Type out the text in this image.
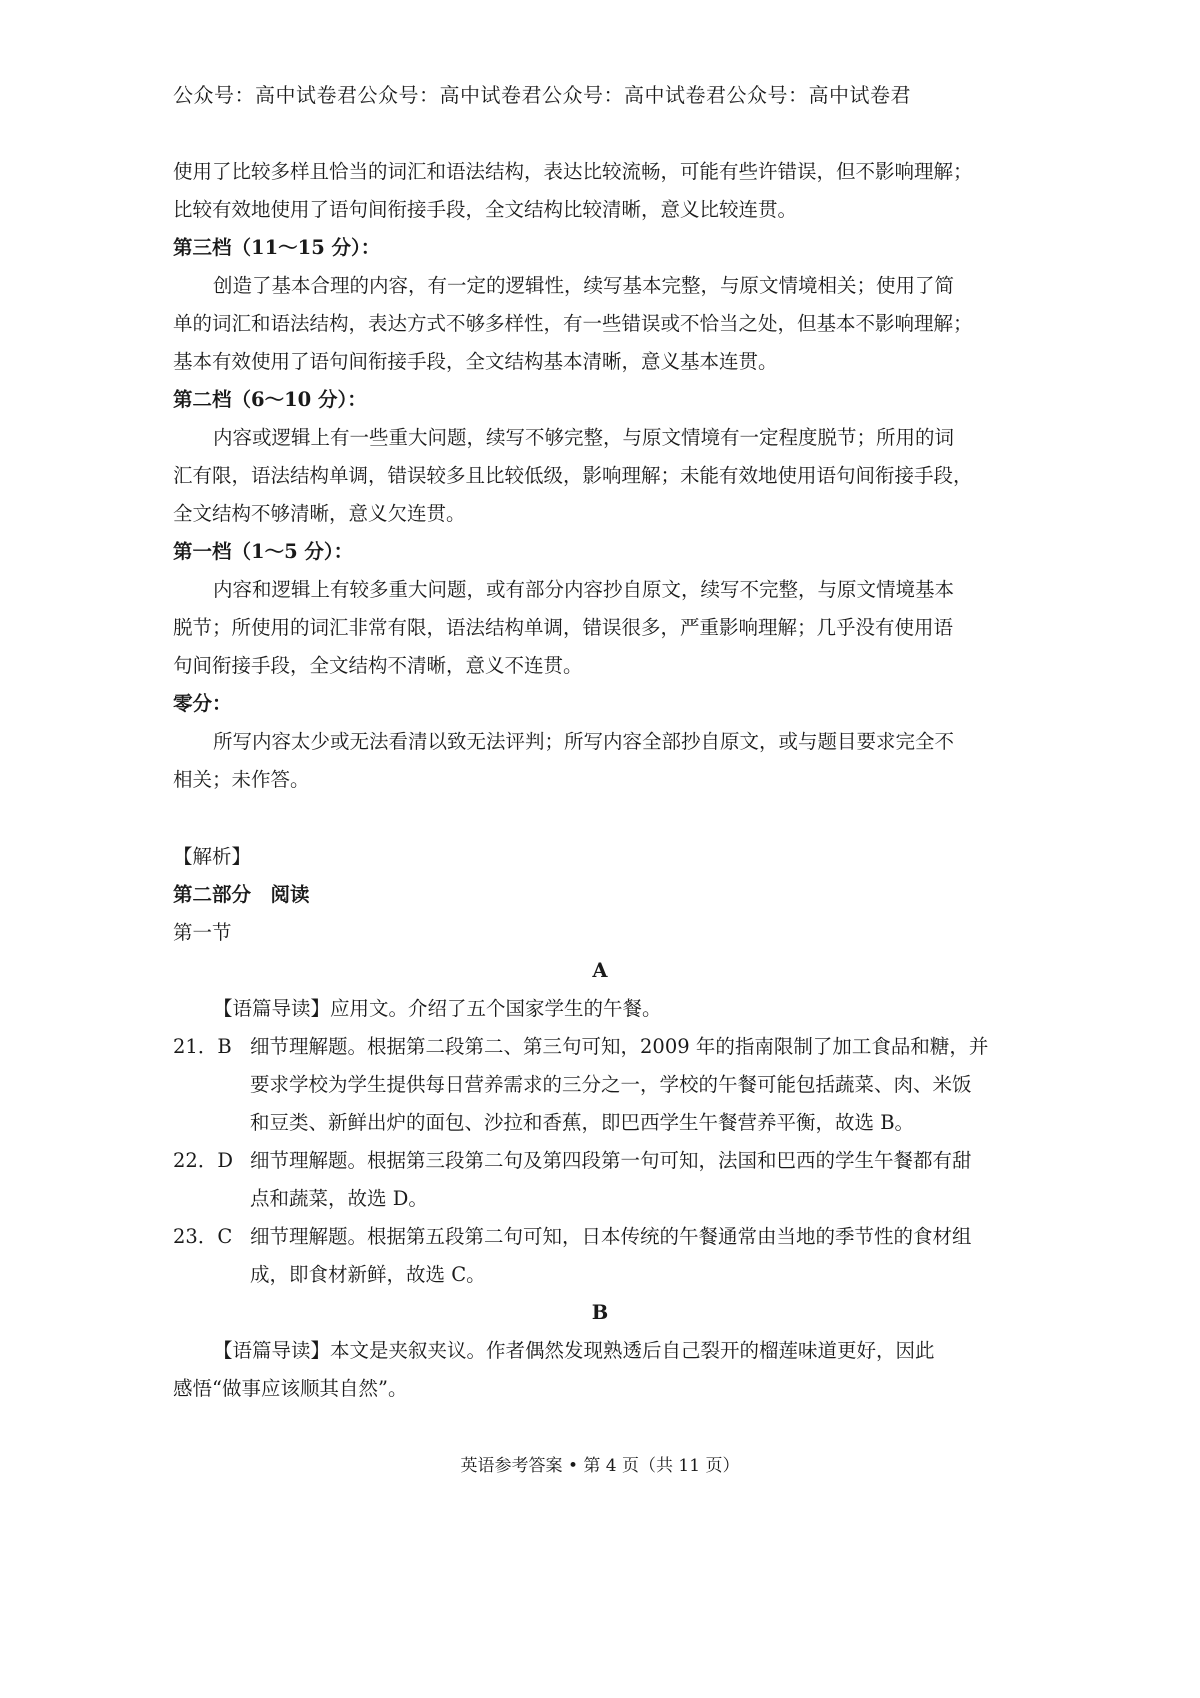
公众号：高中试卷君公众号：高中试卷君公众号：高中试卷君公众号：高中试卷君
使用了比较多样且恰当的词汇和语法结构，表达比较流畅，可能有些许错误，但不影响理解；
比较有效地使用了语句间衔接手段，全文结构比较清晰，意义比较连贯。
第三档（11～15 分）：
创造了基本合理的内容，有一定的逻辑性，续写基本完整，与原文情境相关；使用了简
单的词汇和语法结构，表达方式不够多样性，有一些错误或不恰当之处，但基本不影响理解；
基本有效使用了语句间衔接手段，全文结构基本清晰，意义基本连贯。
第二档（6～10 分）：
内容或逻辑上有一些重大问题，续写不够完整，与原文情境有一定程度脱节；所用的词
汇有限，语法结构单调，错误较多且比较低级，影响理解；未能有效地使用语句间衔接手段，
全文结构不够清晰，意义欠连贯。
第一档（1～5 分）：
内容和逻辑上有较多重大问题，或有部分内容抄自原文，续写不完整，与原文情境基本
脱节；所使用的词汇非常有限，语法结构单调，错误很多，严重影响理解；几乎没有使用语
句间衔接手段，全文结构不清晰，意义不连贯。
零分：
所写内容太少或无法看清以致无法评判；所写内容全部抄自原文，或与题目要求完全不
相关；未作答。
【解析】
第二部分　阅读
第一节
A
【语篇导读】应用文。介绍了五个国家学生的午餐。
21．B 细节理解题。根据第二段第二、第三句可知，2009 年的指南限制了加工食品和糖，并
要求学校为学生提供每日营养需求的三分之一，学校的午餐可能包括蔬菜、肉、米饭
和豆类、新鲜出炉的面包、沙拉和香蕉，即巴西学生午餐营养平衡，故选 B。
22．D 细节理解题。根据第三段第二句及第四段第一句可知，法国和巴西的学生午餐都有甜
点和蔬菜，故选 D。
23．C 细节理解题。根据第五段第二句可知，日本传统的午餐通常由当地的季节性的食材组
成，即食材新鲜，故选 C。
B
【语篇导读】本文是夹叙夹议。作者偶然发现熟透后自己裂开的榴莲味道更好，因此
感悟“做事应该顺其自然”。
英语参考答案 • 第 4 页（共 11 页）
